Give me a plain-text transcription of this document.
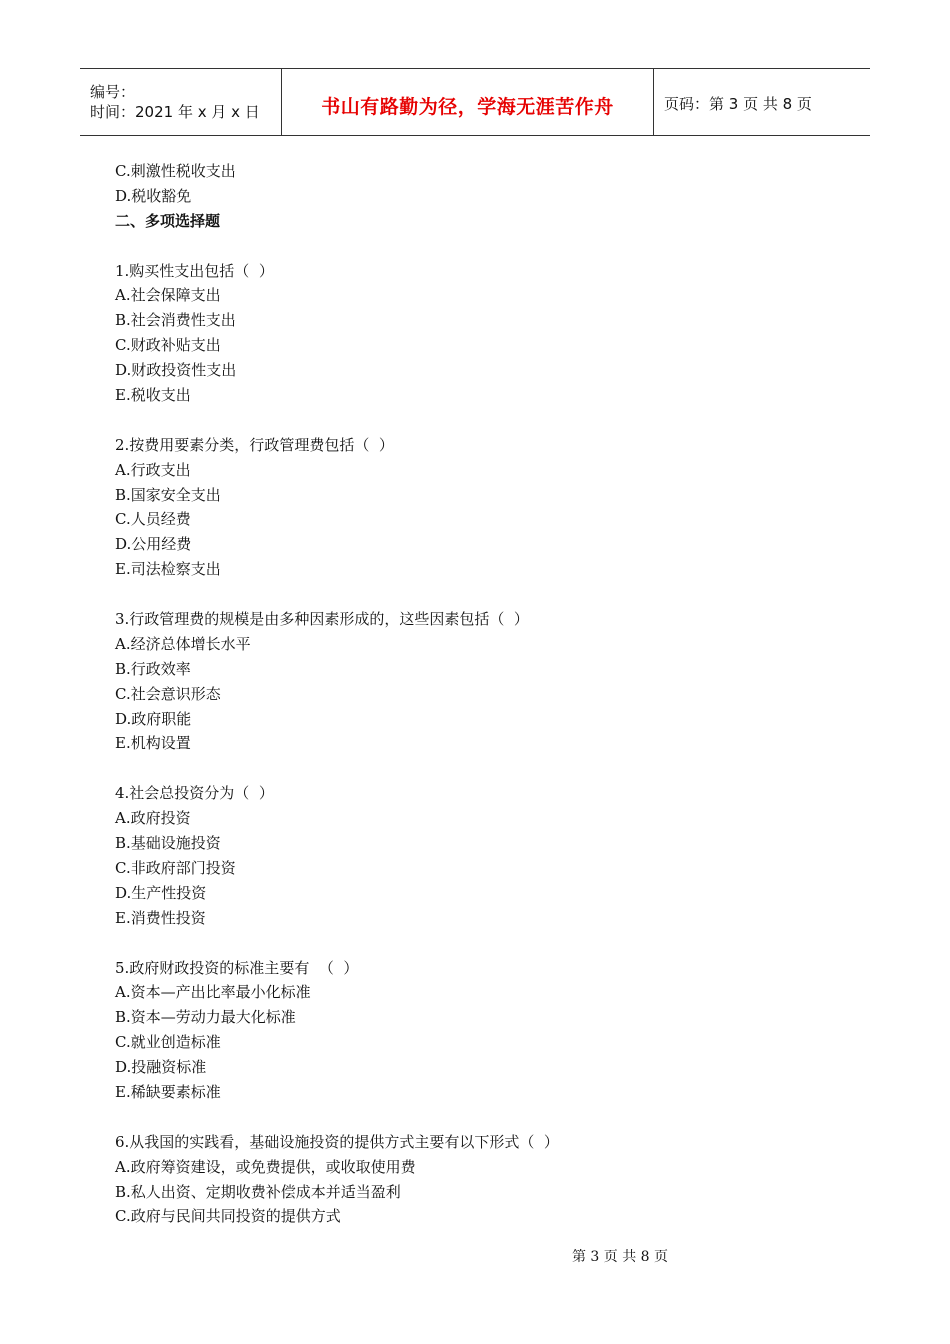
编号：
时间：2021 年 x 月 x 日	书山有路勤为径，学海无涯苦作舟	页码：第 3 页 共 8 页
C.刺激性税收支出
D.税收豁免
二、多项选择题
1.购买性支出包括（  ）
A.社会保障支出
B.社会消费性支出
C.财政补贴支出
D.财政投资性支出
E.税收支出
2.按费用要素分类，行政管理费包括（  ）
A.行政支出
B.国家安全支出
C.人员经费
D.公用经费
E.司法检察支出
3.行政管理费的规模是由多种因素形成的，这些因素包括（  ）
A.经济总体增长水平
B.行政效率
C.社会意识形态
D.政府职能
E.机构设置
4.社会总投资分为（  ）
A.政府投资
B.基础设施投资
C.非政府部门投资
D.生产性投资
E.消费性投资
5.政府财政投资的标准主要有  （  ）
A.资本—产出比率最小化标准
B.资本—劳动力最大化标准
C.就业创造标准
D.投融资标准
E.稀缺要素标准
6.从我国的实践看，基础设施投资的提供方式主要有以下形式（  ）
A.政府筹资建设，或免费提供，或收取使用费
B.私人出资、定期收费补偿成本并适当盈利
C.政府与民间共同投资的提供方式
第 3 页 共 8 页
